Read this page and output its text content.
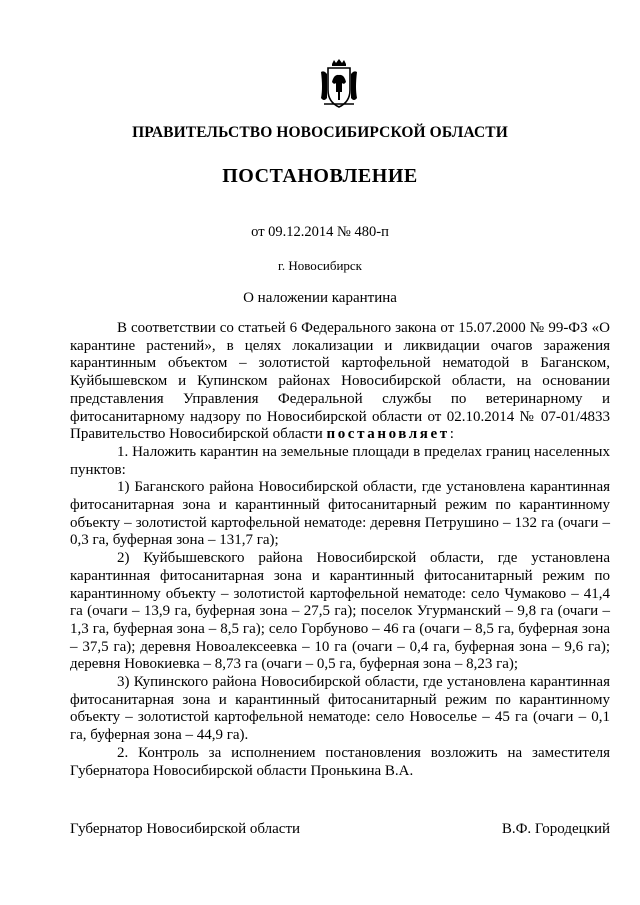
ПРАВИТЕЛЬСТВО НОВОСИБИРСКОЙ ОБЛАСТИ
ПОСТАНОВЛЕНИЕ
от 09.12.2014 № 480-п
г. Новосибирск
О наложении карантина

В соответствии со статьей 6 Федерального закона от 15.07.2000 № 99-ФЗ «О карантине растений», в целях локализации и ликвидации очагов заражения карантинным объектом – золотистой картофельной нематодой в Баганском, Куйбышевском и Купинском районах Новосибирской области, на основании представления Управления Федеральной службы по ветеринарному и фитосанитарному надзору по Новосибирской области от 02.10.2014 № 07-01/4833 Правительство Новосибирской области постановляет:

1. Наложить карантин на земельные площади в пределах границ населенных пунктов:

1) Баганского района Новосибирской области, где установлена карантинная фитосанитарная зона и карантинный фитосанитарный режим по карантинному объекту – золотистой картофельной нематоде: деревня Петрушино – 132 га (очаги – 0,3 га, буферная зона – 131,7 га);

2) Куйбышевского района Новосибирской области, где установлена карантинная фитосанитарная зона и карантинный фитосанитарный режим по карантинному объекту – золотистой картофельной нематоде: село Чумаково – 41,4 га (очаги – 13,9 га, буферная зона – 27,5 га); поселок Угурманский – 9,8 га (очаги – 1,3 га, буферная зона – 8,5 га); село Горбуново – 46 га (очаги – 8,5 га, буферная зона – 37,5 га); деревня Новоалексеевка – 10 га (очаги – 0,4 га, буферная зона – 9,6 га); деревня Новокиевка – 8,73 га (очаги – 0,5 га, буферная зона – 8,23 га);

3) Купинского района Новосибирской области, где установлена карантинная фитосанитарная зона и карантинный фитосанитарный режим по карантинному объекту – золотистой картофельной нематоде: село Новоселье – 45 га (очаги – 0,1 га, буферная зона – 44,9 га).

2. Контроль за исполнением постановления возложить на заместителя Губернатора Новосибирской области Пронькина В.А.

Губернатор Новосибирской области	В.Ф. Городецкий
